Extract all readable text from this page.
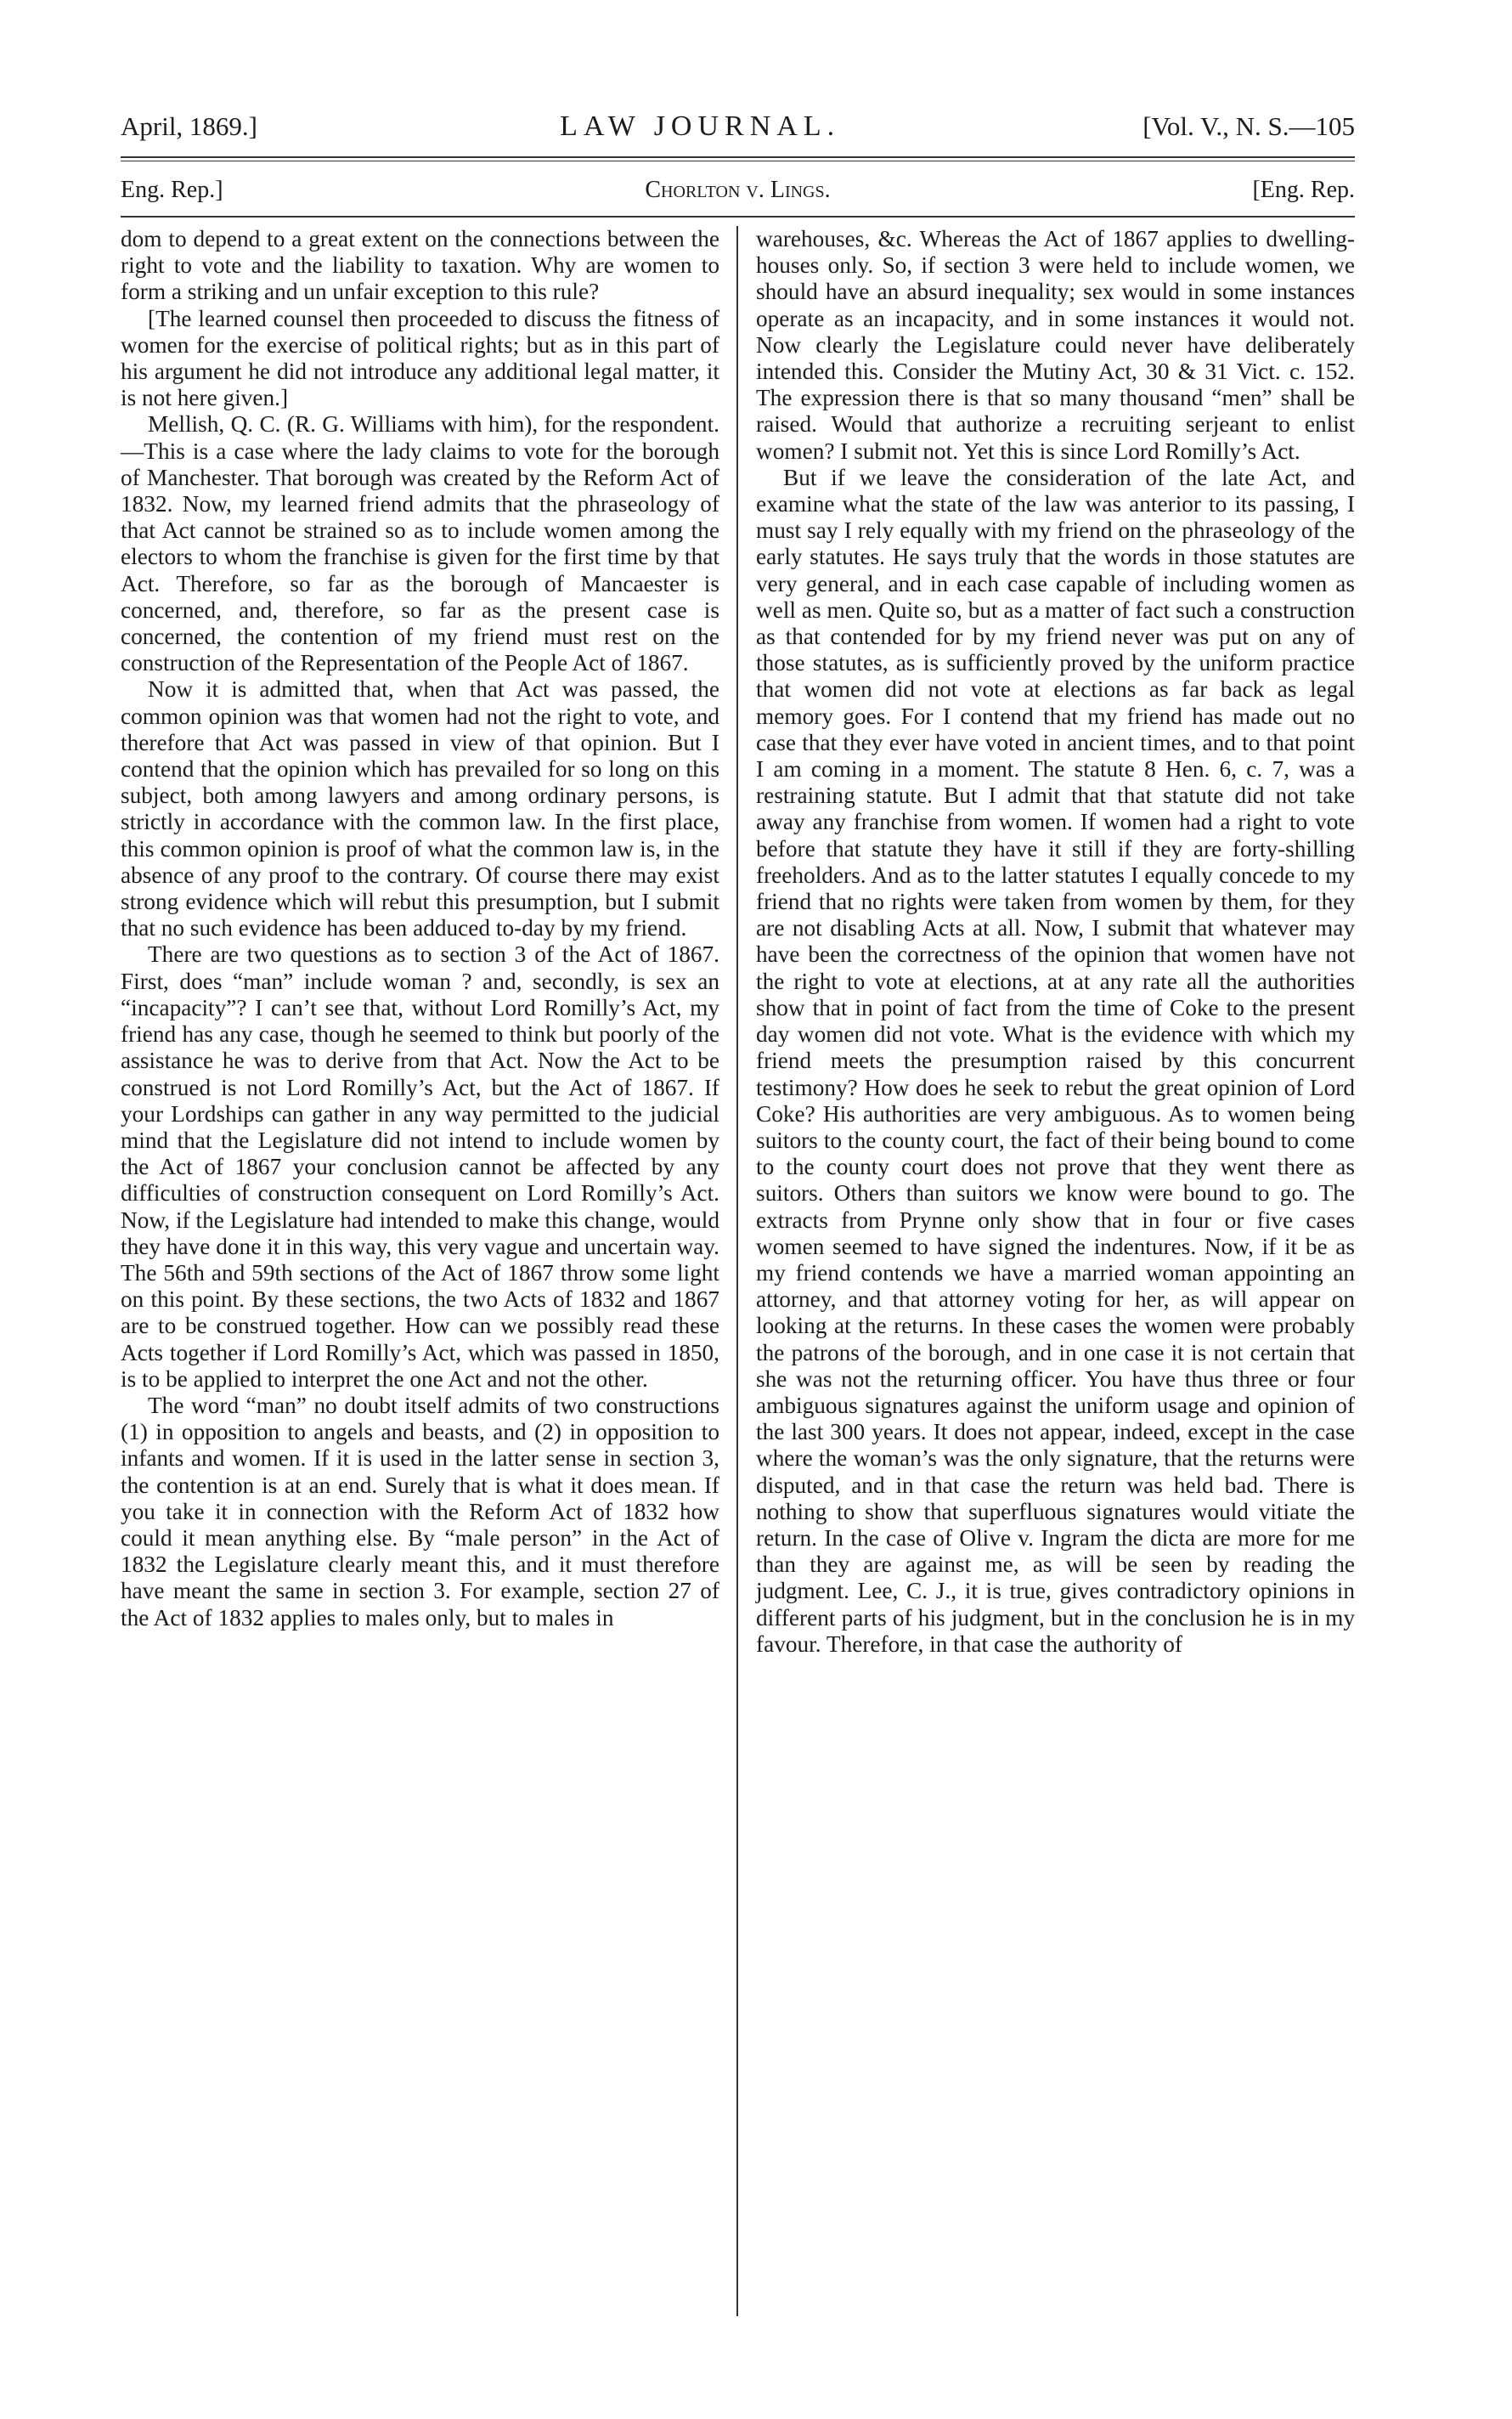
April, 1869.]	LAW JOURNAL.	[Vol. V., N. S.—105
Eng. Rep.]	Chorlton v. Lings.	[Eng. Rep.

dom to depend to a great extent on the connections between the right to vote and the liability to taxation. Why are women to form a striking and un unfair exception to this rule?

[The learned counsel then proceeded to discuss the fitness of women for the exercise of political rights; but as in this part of his argument he did not introduce any additional legal matter, it is not here given.]

Mellish, Q. C. (R. G. Williams with him), for the respondent.—This is a case where the lady claims to vote for the borough of Manchester. That borough was created by the Reform Act of 1832. Now, my learned friend admits that the phraseology of that Act cannot be strained so as to include women among the electors to whom the franchise is given for the first time by that Act. Therefore, so far as the borough of Mancaester is concerned, and, therefore, so far as the present case is concerned, the contention of my friend must rest on the construction of the Representation of the People Act of 1867.

Now it is admitted that, when that Act was passed, the common opinion was that women had not the right to vote, and therefore that Act was passed in view of that opinion. But I contend that the opinion which has prevailed for so long on this subject, both among lawyers and among ordinary persons, is strictly in accordance with the common law. In the first place, this common opinion is proof of what the common law is, in the absence of any proof to the contrary. Of course there may exist strong evidence which will rebut this presumption, but I submit that no such evidence has been adduced to-day by my friend.

There are two questions as to section 3 of the Act of 1867. First, does “man” include woman ? and, secondly, is sex an “incapacity”? I can’t see that, without Lord Romilly’s Act, my friend has any case, though he seemed to think but poorly of the assistance he was to derive from that Act. Now the Act to be construed is not Lord Romilly’s Act, but the Act of 1867. If your Lordships can gather in any way permitted to the judicial mind that the Legislature did not intend to include women by the Act of 1867 your conclusion cannot be affected by any difficulties of construction consequent on Lord Romilly’s Act. Now, if the Legislature had intended to make this change, would they have done it in this way, this very vague and uncertain way. The 56th and 59th sections of the Act of 1867 throw some light on this point. By these sections, the two Acts of 1832 and 1867 are to be construed together. How can we possibly read these Acts together if Lord Romilly’s Act, which was passed in 1850, is to be applied to interpret the one Act and not the other.

The word “man” no doubt itself admits of two constructions (1) in opposition to angels and beasts, and (2) in opposition to infants and women. If it is used in the latter sense in section 3, the contention is at an end. Surely that is what it does mean. If you take it in connection with the Reform Act of 1832 how could it mean anything else. By “male person” in the Act of 1832 the Legislature clearly meant this, and it must therefore have meant the same in section 3. For example, section 27 of the Act of 1832 applies to males only, but to males in

warehouses, &c. Whereas the Act of 1867 applies to dwelling-houses only. So, if section 3 were held to include women, we should have an absurd inequality; sex would in some instances operate as an incapacity, and in some instances it would not. Now clearly the Legislature could never have deliberately intended this. Consider the Mutiny Act, 30 & 31 Vict. c. 152. The expression there is that so many thousand “men” shall be raised. Would that authorize a recruiting serjeant to enlist women? I submit not. Yet this is since Lord Romilly’s Act.

But if we leave the consideration of the late Act, and examine what the state of the law was anterior to its passing, I must say I rely equally with my friend on the phraseology of the early statutes. He says truly that the words in those statutes are very general, and in each case capable of including women as well as men. Quite so, but as a matter of fact such a construction as that contended for by my friend never was put on any of those statutes, as is sufficiently proved by the uniform practice that women did not vote at elections as far back as legal memory goes. For I contend that my friend has made out no case that they ever have voted in ancient times, and to that point I am coming in a moment. The statute 8 Hen. 6, c. 7, was a restraining statute. But I admit that that statute did not take away any franchise from women. If women had a right to vote before that statute they have it still if they are forty-shilling freeholders. And as to the latter statutes I equally concede to my friend that no rights were taken from women by them, for they are not disabling Acts at all. Now, I submit that whatever may have been the correctness of the opinion that women have not the right to vote at elections, at at any rate all the authorities show that in point of fact from the time of Coke to the present day women did not vote. What is the evidence with which my friend meets the presumption raised by this concurrent testimony? How does he seek to rebut the great opinion of Lord Coke? His authorities are very ambiguous. As to women being suitors to the county court, the fact of their being bound to come to the county court does not prove that they went there as suitors. Others than suitors we know were bound to go. The extracts from Prynne only show that in four or five cases women seemed to have signed the indentures. Now, if it be as my friend contends we have a married woman appointing an attorney, and that attorney voting for her, as will appear on looking at the returns. In these cases the women were probably the patrons of the borough, and in one case it is not certain that she was not the returning officer. You have thus three or four ambiguous signatures against the uniform usage and opinion of the last 300 years. It does not appear, indeed, except in the case where the woman’s was the only signature, that the returns were disputed, and in that case the return was held bad. There is nothing to show that superfluous signatures would vitiate the return. In the case of Olive v. Ingram the dicta are more for me than they are against me, as will be seen by reading the judgment. Lee, C. J., it is true, gives contradictory opinions in different parts of his judgment, but in the conclusion he is in my favour. Therefore, in that case the authority of
